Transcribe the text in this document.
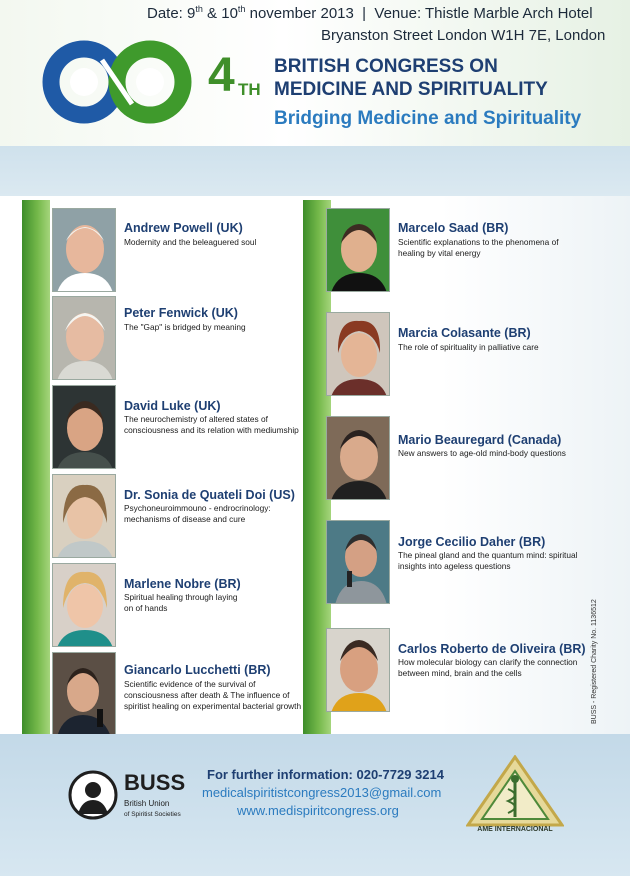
4 TH
BRITISH CONGRESS ON
MEDICINE AND SPIRITUALITY
Bridging Medicine and Spirituality
Date: 9th & 10th november 2013  |  Venue: Thistle Marble Arch Hotel
Bryanston Street London W1H 7E, London
Andrew Powell (UK)
Modernity and the beleaguered soul
Peter Fenwick (UK)
The "Gap" is bridged by meaning
David Luke (UK)
The neurochemistry of altered states of consciousness and its relation with mediumship
Dr. Sonia de Quateli Doi (US)
Psychoneuroimmouno - endrocrinology: mechanisms of disease and cure
Marlene Nobre (BR)
Spiritual healing through laying on of hands
Giancarlo Lucchetti (BR)
Scientific evidence of the survival of consciousness after death & The influence of spiritist healing on experimental bacterial growth
Marcelo Saad (BR)
Scientific explanations to the phenomena of healing by vital energy
Marcia Colasante (BR)
The role of spirituality in palliative care
Mario Beauregard (Canada)
New answers to age-old mind-body questions
Jorge Cecilio Daher (BR)
The pineal gland and the quantum mind: spiritual insights into ageless questions
Carlos Roberto de Oliveira (BR)
How molecular biology can clarify the connection between mind, brain and the cells
BUSS
British Union
of Spiritist Societies
For further information: 020-7729 3214
medicalspiritistcongress2013@gmail.com
www.medispiritcongress.org
AME INTERNACIONAL
